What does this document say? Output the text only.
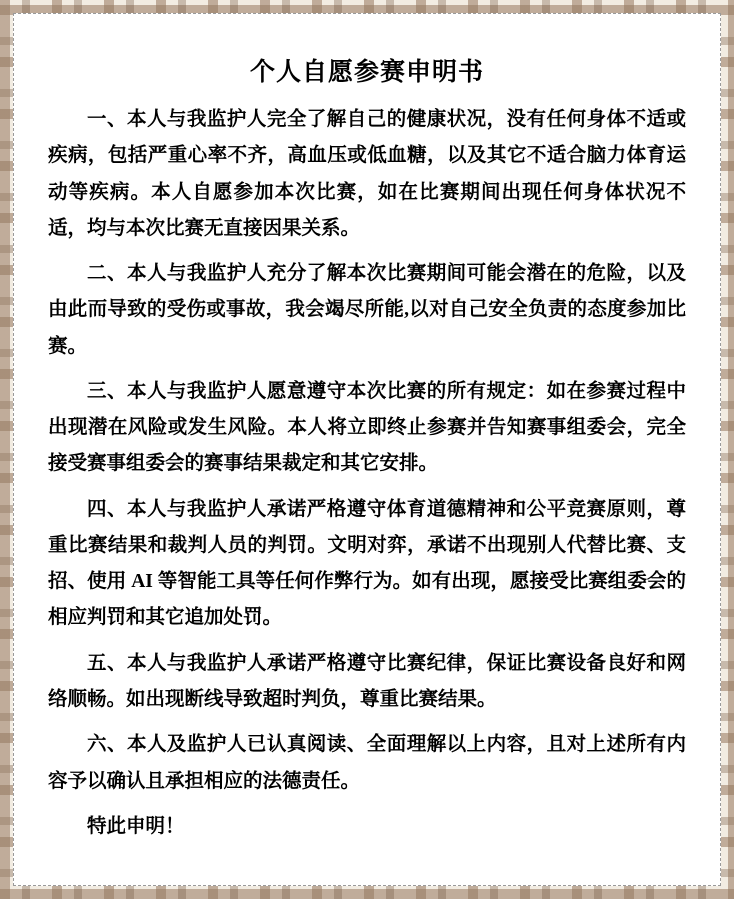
个人自愿参赛申明书

一、本人与我监护人完全了解自己的健康状况，没有任何身体不适或疾病，包括严重心率不齐，高血压或低血糖，以及其它不适合脑力体育运动等疾病。本人自愿参加本次比赛，如在比赛期间出现任何身体状况不适，均与本次比赛无直接因果关系。

二、本人与我监护人充分了解本次比赛期间可能会潜在的危险，以及由此而导致的受伤或事故，我会竭尽所能,以对自己安全负责的态度参加比赛。

三、本人与我监护人愿意遵守本次比赛的所有规定：如在参赛过程中出现潜在风险或发生风险。本人将立即终止参赛并告知赛事组委会，完全接受赛事组委会的赛事结果裁定和其它安排。

四、本人与我监护人承诺严格遵守体育道德精神和公平竞赛原则，尊重比赛结果和裁判人员的判罚。文明对弈，承诺不出现别人代替比赛、支招、使用 AI 等智能工具等任何作弊行为。如有出现，愿接受比赛组委会的相应判罚和其它追加处罚。

五、本人与我监护人承诺严格遵守比赛纪律，保证比赛设备良好和网络顺畅。如出现断线导致超时判负，尊重比赛结果。

六、本人及监护人已认真阅读、全面理解以上内容，且对上述所有内容予以确认且承担相应的法德责任。

特此申明！
